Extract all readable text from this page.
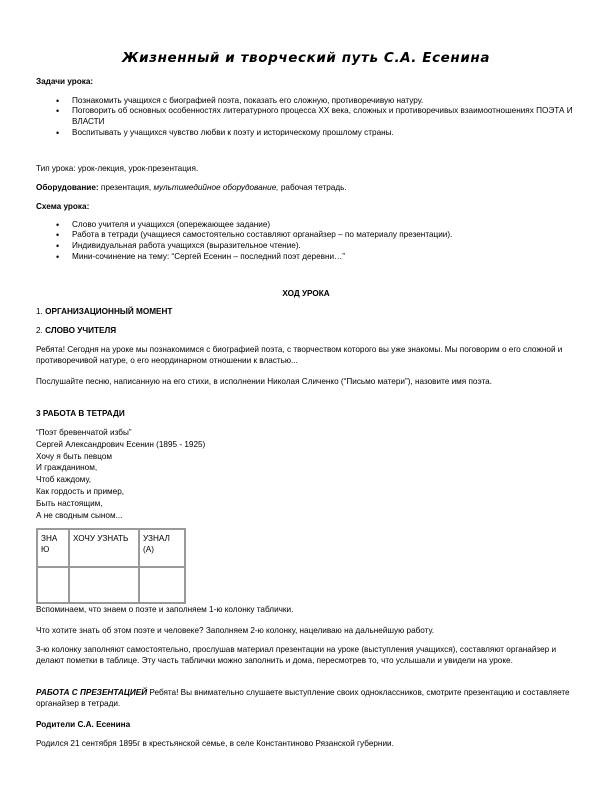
Жизненный и творческий путь С.А. Есенина

Задачи урока:

• Познакомить учащихся с биографией поэта, показать его сложную, противоречивую натуру.
• Поговорить об основных особенностях литературного процесса XX века, сложных и противоречивых взаимоотношениях ПОЭТА И ВЛАСТИ
• Воспитывать у учащихся чувство любви к поэту и историческому прошлому страны.
Тип урока: урок-лекция, урок-презентация.
Оборудование: презентация, мультимедийное оборудование, рабочая тетрадь.

Схема урока:

• Слово учителя и учащихся (опережающее задание)
• Работа в тетради (учащиеся самостоятельно составляют органайзер – по материалу презентации).
• Индивидуальная работа учащихся (выразительное чтение).
• Мини-сочинение на тему: “Сергей Есенин – последний поэт деревни…”
ХОД УРОКА
1. ОРГАНИЗАЦИОННЫЙ МОМЕНТ
2. СЛОВО УЧИТЕЛЯ

Ребята! Сегодня на уроке мы познакомимся с биографией поэта, с творчеством которого вы уже знакомы. Мы поговорим о его сложной и противоречивой натуре, о его неординарном отношении к властью...

Послушайте песню, написанную на его стихи, в исполнении Николая Сличенко (“Письмо матери”), назовите имя поэта.

3 РАБОТА В ТЕТРАДИ

“Поэт бревенчатой избы”

Сергей Александрович Есенин (1895 - 1925)

Хочу я быть певцом

И гражданином,

Чтоб каждому,

Как гордость и пример,

Быть настоящим,

А не сводным сыном...

ЗНА Ю	ХОЧУ УЗНАТЬ	УЗНАЛ (А)

Вспоминаем, что знаем о поэте и заполняем 1-ю колонку таблички.

Что хотите знать об этом поэте и человеке? Заполняем 2-ю колонку, нацеливаю на дальнейшую работу.

3-ю колонку заполняют самостоятельно, прослушав материал презентации на уроке (выступления учащихся), составляют органайзер и делают пометки в таблице. Эту часть таблички можно заполнить и дома, пересмотрев то, что услышали и увидели на уроке.

РАБОТА С ПРЕЗЕНТАЦИЕЙ Ребята! Вы внимательно слушаете выступление своих одноклассников, смотрите презентацию и составляете органайзер в тетради.

Родители С.А. Есенина

Родился 21 сентября 1895г в крестьянской семье, в селе Константиново Рязанской губернии.
